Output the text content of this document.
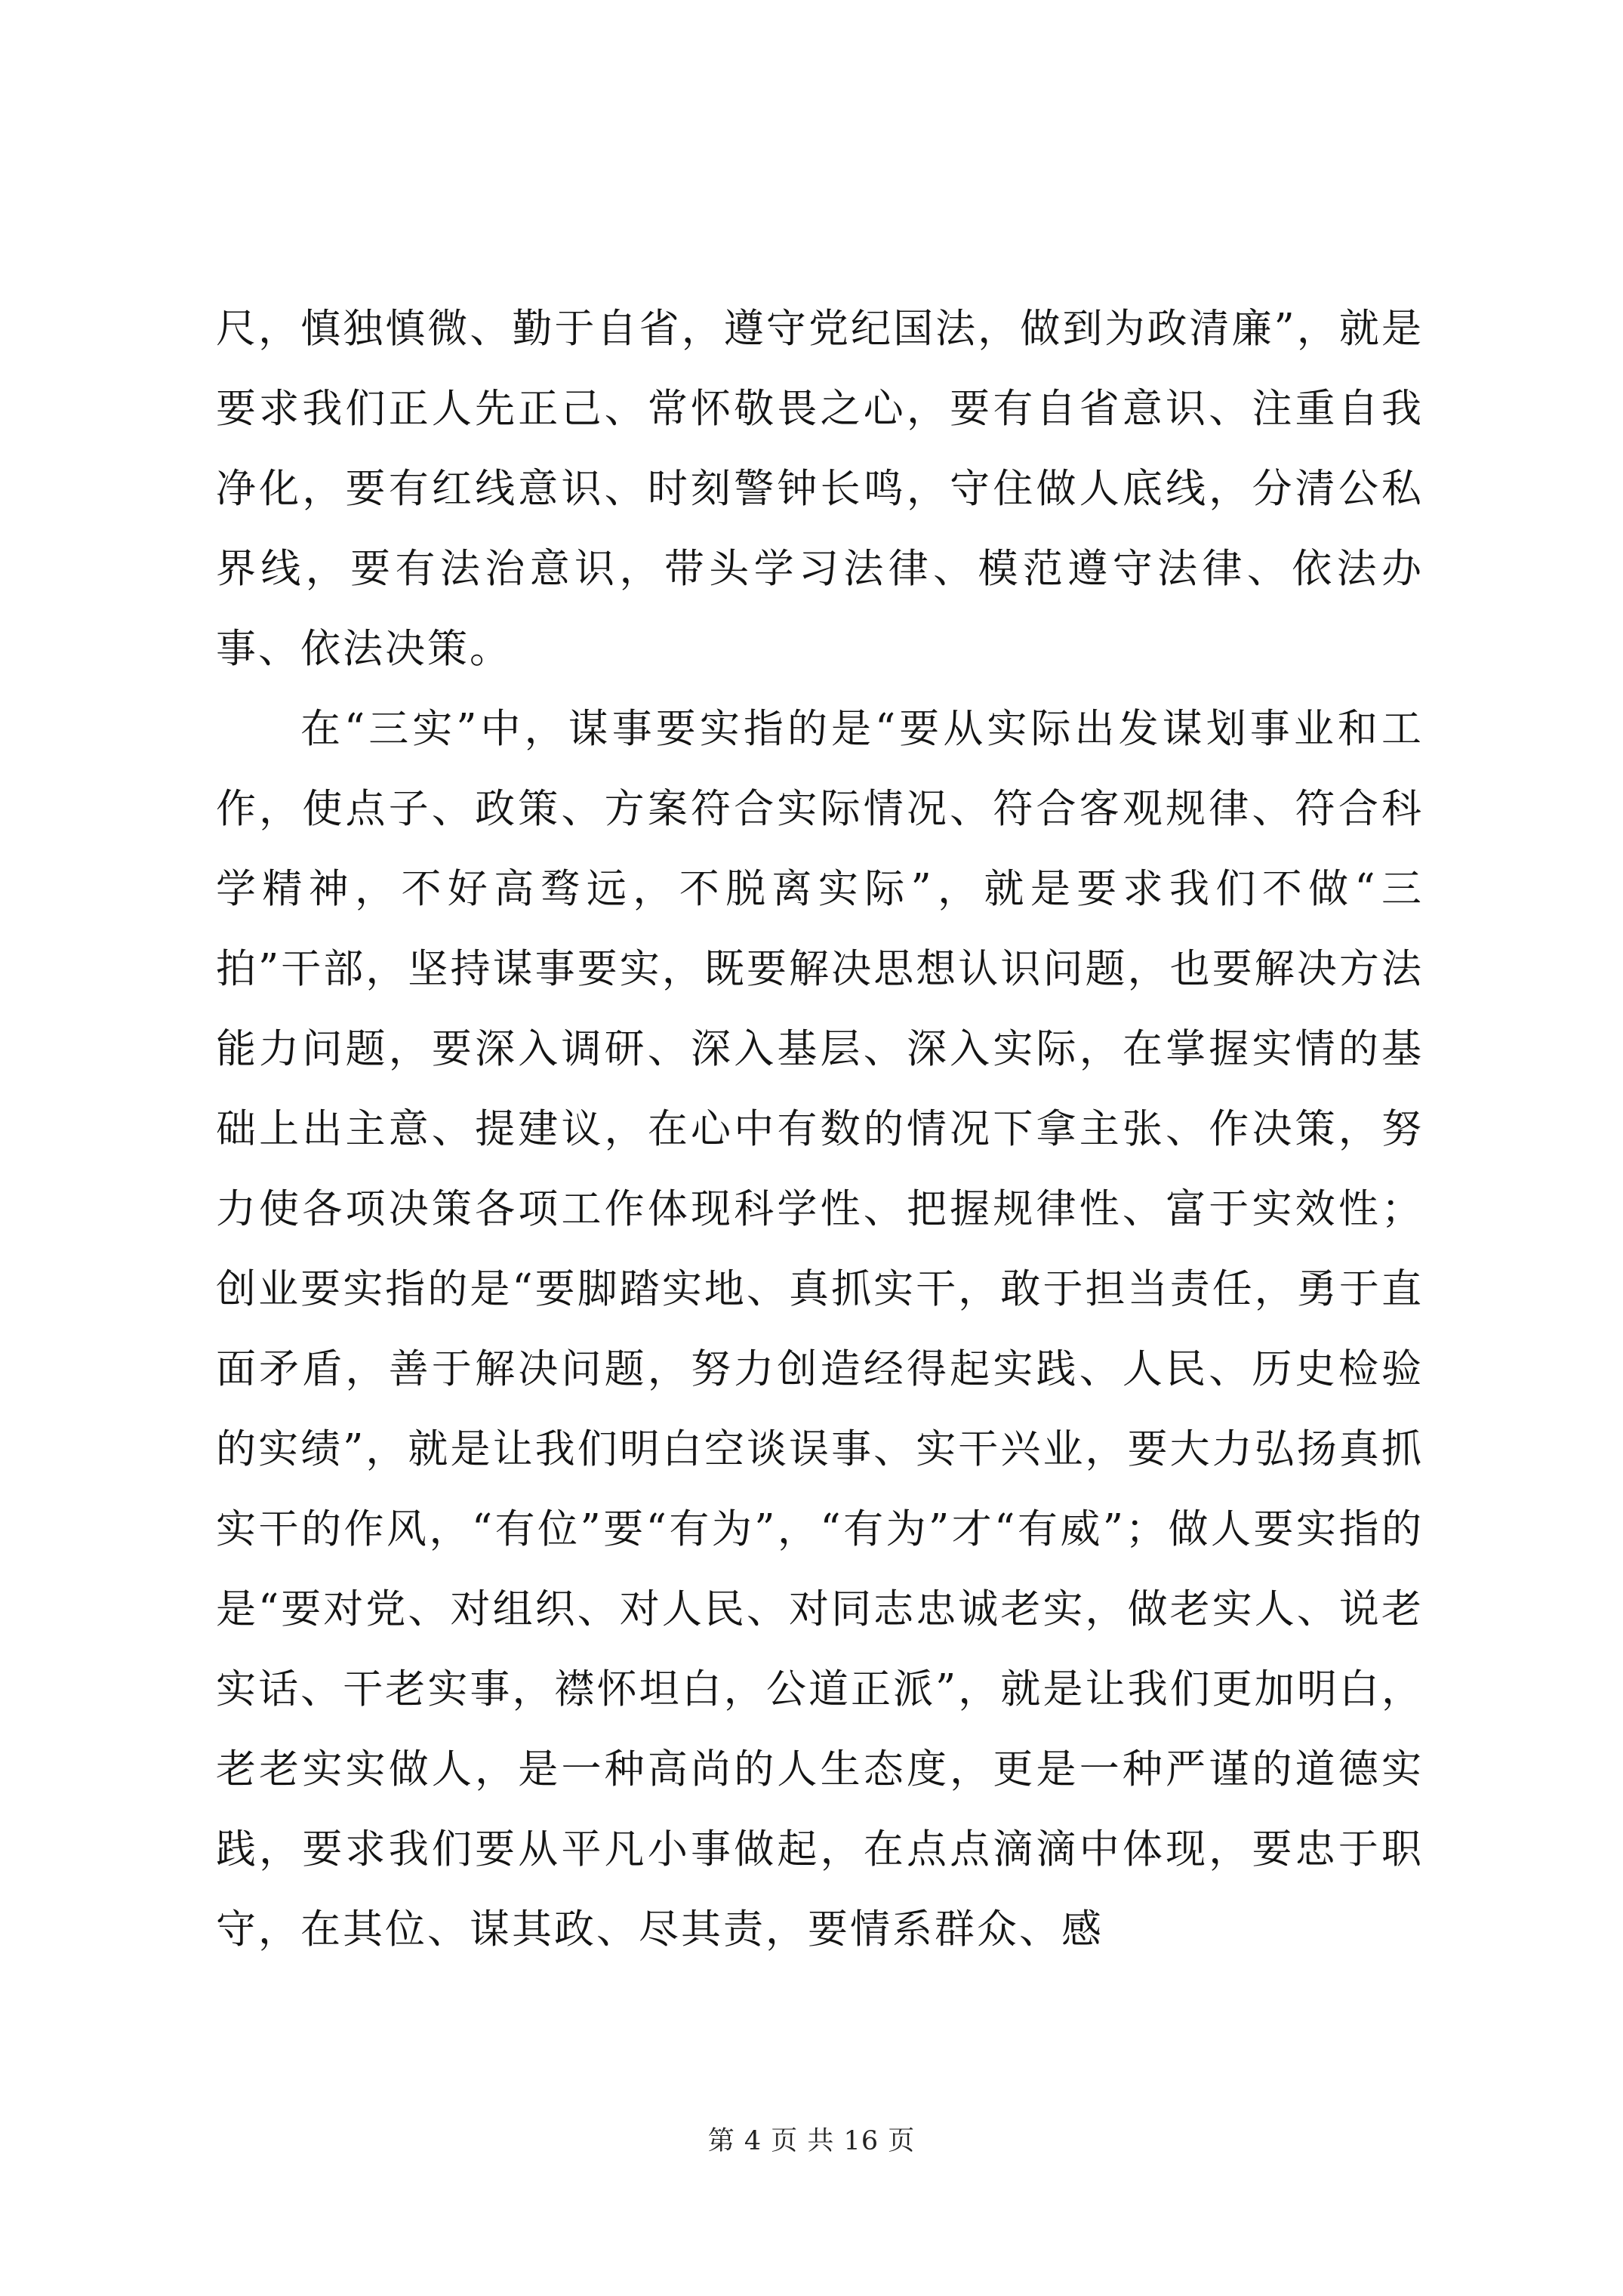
尺，慎独慎微、勤于自省，遵守党纪国法，做到为政清廉”，就是要求我们正人先正己、常怀敬畏之心，要有自省意识、注重自我净化，要有红线意识、时刻警钟长鸣，守住做人底线，分清公私界线，要有法治意识，带头学习法律、模范遵守法律、依法办事、依法决策。

在“三实”中，谋事要实指的是“要从实际出发谋划事业和工作，使点子、政策、方案符合实际情况、符合客观规律、符合科学精神，不好高骛远，不脱离实际”，就是要求我们不做“三拍”干部，坚持谋事要实，既要解决思想认识问题，也要解决方法能力问题，要深入调研、深入基层、深入实际，在掌握实情的基础上出主意、提建议，在心中有数的情况下拿主张、作决策，努力使各项决策各项工作体现科学性、把握规律性、富于实效性；创业要实指的是“要脚踏实地、真抓实干，敢于担当责任，勇于直面矛盾，善于解决问题，努力创造经得起实践、人民、历史检验的实绩”，就是让我们明白空谈误事、实干兴业，要大力弘扬真抓实干的作风，“有位”要“有为”，“有为”才“有威”；做人要实指的是“要对党、对组织、对人民、对同志忠诚老实，做老实人、说老实话、干老实事，襟怀坦白，公道正派”，就是让我们更加明白，老老实实做人，是一种高尚的人生态度，更是一种严谨的道德实践，要求我们要从平凡小事做起，在点点滴滴中体现，要忠于职守，在其位、谋其政、尽其责，要情系群众、感

第 4 页 共 16 页
